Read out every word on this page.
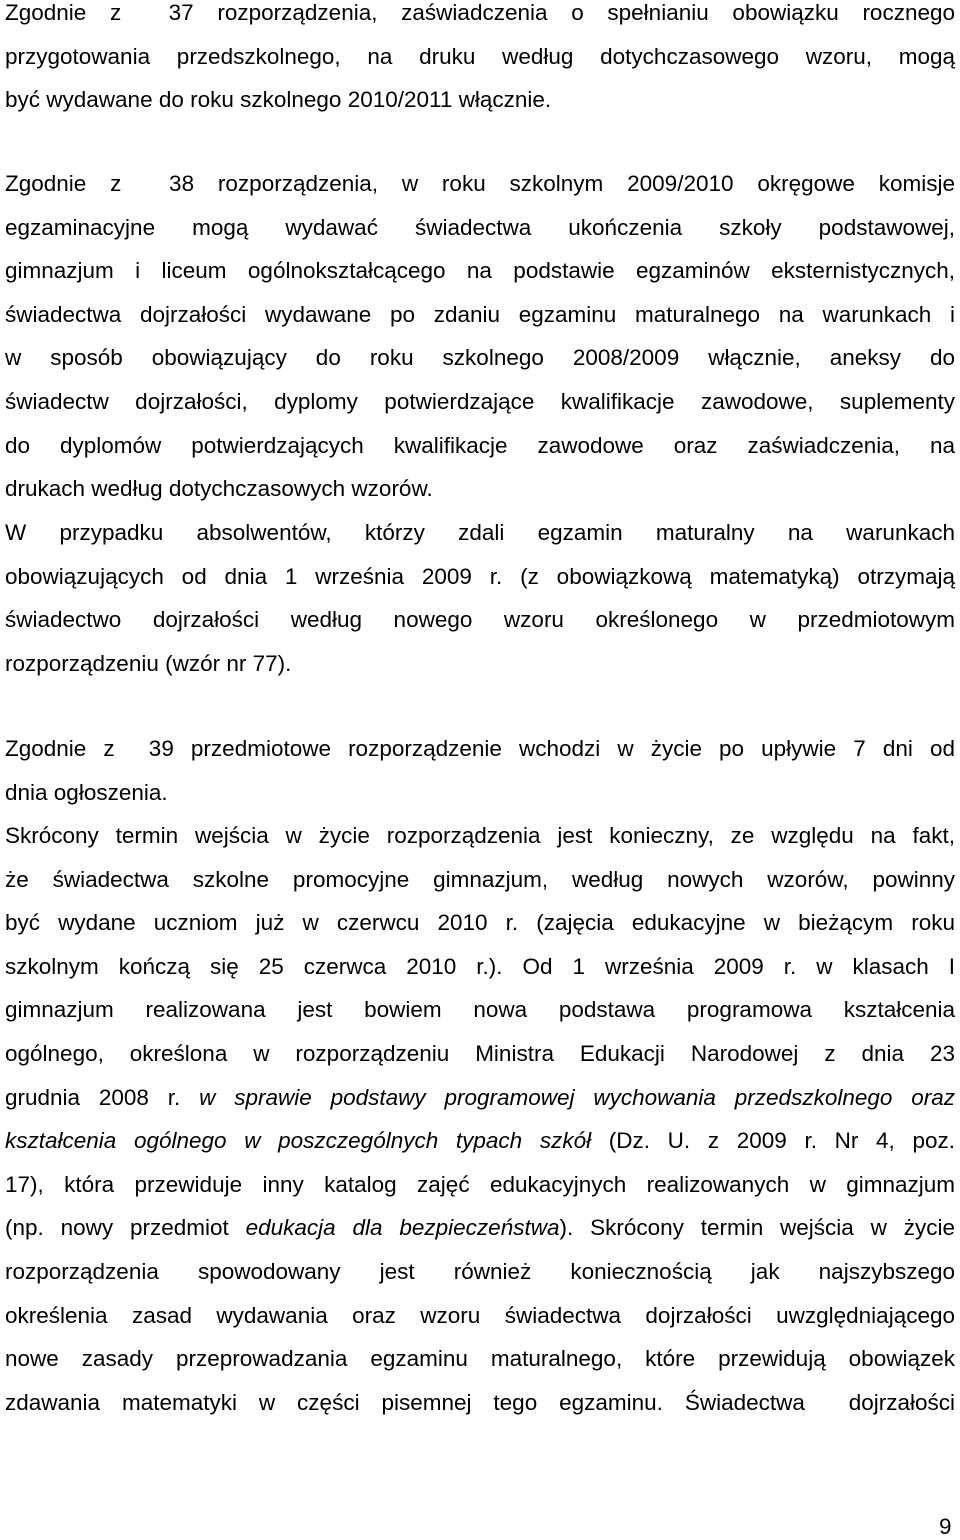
Zgodnie z  37 rozporządzenia, zaświadczenia o spełnianiu obowiązku rocznego
przygotowania przedszkolnego, na druku według dotychczasowego wzoru, mogą
być wydawane do roku szkolnego 2010/2011 włącznie.
Zgodnie z  38 rozporządzenia, w roku szkolnym 2009/2010 okręgowe komisje
egzaminacyjne mogą wydawać świadectwa ukończenia szkoły podstawowej,
gimnazjum i liceum ogólnokształcącego na podstawie egzaminów eksternistycznych,
świadectwa dojrzałości wydawane po zdaniu egzaminu maturalnego na warunkach i
w sposób obowiązujący do roku szkolnego 2008/2009 włącznie, aneksy do
świadectw dojrzałości, dyplomy potwierdzające kwalifikacje zawodowe, suplementy
do dyplomów potwierdzających kwalifikacje zawodowe oraz zaświadczenia, na
drukach według dotychczasowych wzorów.
W przypadku absolwentów, którzy zdali egzamin maturalny na warunkach
obowiązujących od dnia 1 września 2009 r. (z obowiązkową matematyką) otrzymają
świadectwo dojrzałości według nowego wzoru określonego w przedmiotowym
rozporządzeniu (wzór nr 77).
Zgodnie z  39 przedmiotowe rozporządzenie wchodzi w życie po upływie 7 dni od
dnia ogłoszenia.
Skrócony termin wejścia w życie rozporządzenia jest konieczny, ze względu na fakt,
że świadectwa szkolne promocyjne gimnazjum, według nowych wzorów, powinny
być wydane uczniom już w czerwcu 2010 r. (zajęcia edukacyjne w bieżącym roku
szkolnym kończą się 25 czerwca 2010 r.). Od 1 września 2009 r. w klasach I
gimnazjum realizowana jest bowiem nowa podstawa programowa kształcenia
ogólnego, określona w rozporządzeniu Ministra Edukacji Narodowej z dnia 23
grudnia 2008 r. w sprawie podstawy programowej wychowania przedszkolnego oraz
kształcenia ogólnego w poszczególnych typach szkół (Dz. U. z 2009 r. Nr 4, poz.
17), która przewiduje inny katalog zajęć edukacyjnych realizowanych w gimnazjum
(np. nowy przedmiot edukacja dla bezpieczeństwa). Skrócony termin wejścia w życie
rozporządzenia spowodowany jest również koniecznością jak najszybszego
określenia zasad wydawania oraz wzoru świadectwa dojrzałości uwzględniającego
nowe zasady przeprowadzania egzaminu maturalnego, które przewidują obowiązek
zdawania matematyki w części pisemnej tego egzaminu. Świadectwa  dojrzałości
9
